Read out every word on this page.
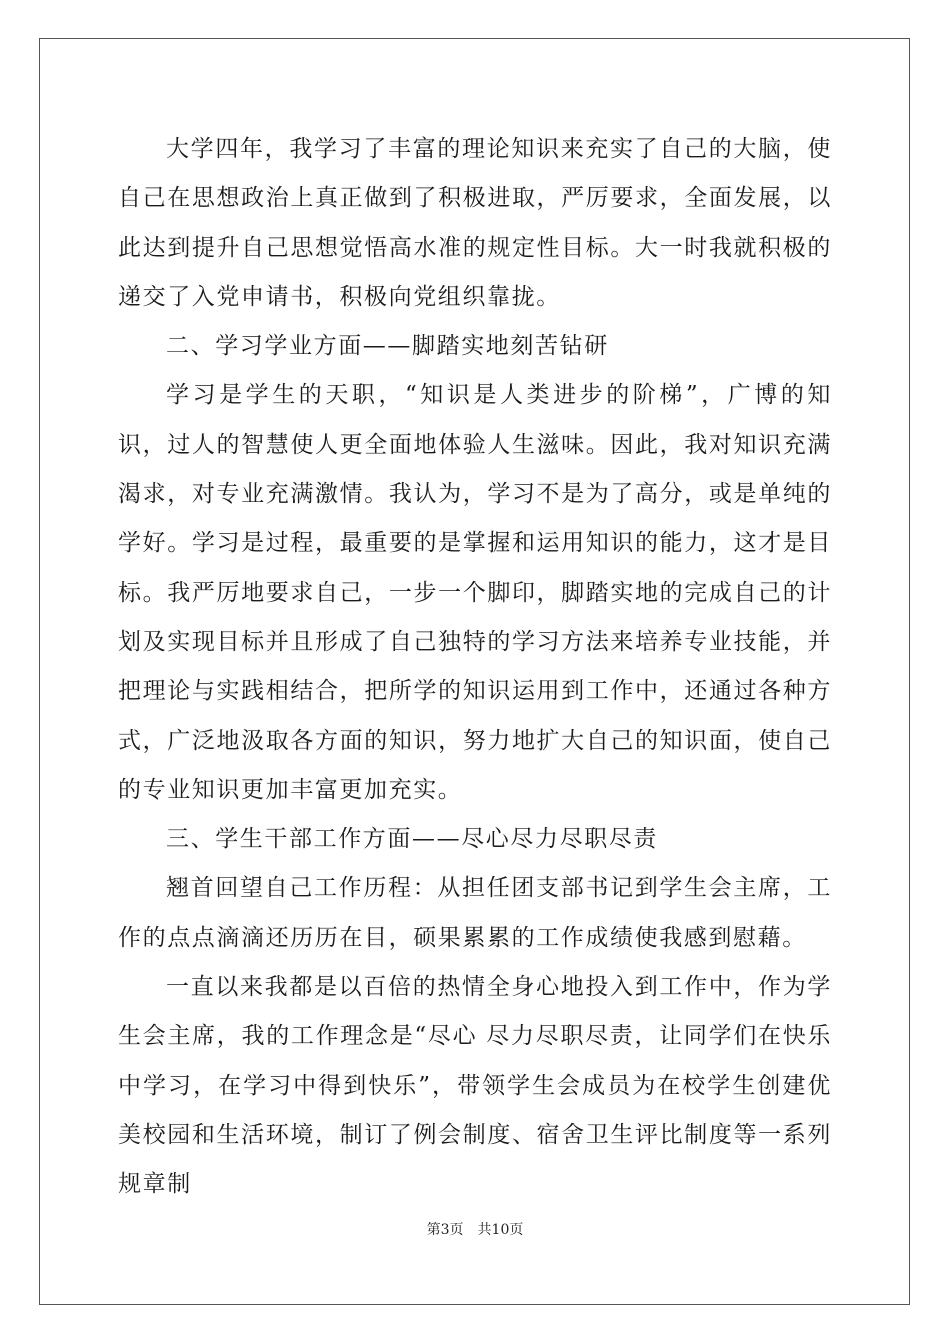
大学四年，我学习了丰富的理论知识来充实了自己的大脑，使自己在思想政治上真正做到了积极进取，严厉要求，全面发展，以此达到提升自己思想觉悟高水准的规定性目标。大一时我就积极的递交了入党申请书，积极向党组织靠拢。

二、学习学业方面——脚踏实地刻苦钻研

学习是学生的天职，“知识是人类进步的阶梯”，广博的知识，过人的智慧使人更全面地体验人生滋味。因此，我对知识充满渴求，对专业充满激情。我认为，学习不是为了高分，或是单纯的学好。学习是过程，最重要的是掌握和运用知识的能力，这才是目标。我严厉地要求自己，一步一个脚印，脚踏实地的完成自己的计划及实现目标并且形成了自己独特的学习方法来培养专业技能，并把理论与实践相结合，把所学的知识运用到工作中，还通过各种方式，广泛地汲取各方面的知识，努力地扩大自己的知识面，使自己的专业知识更加丰富更加充实。

三、学生干部工作方面——尽心尽力尽职尽责

翘首回望自己工作历程：从担任团支部书记到学生会主席，工作的点点滴滴还历历在目，硕果累累的工作成绩使我感到慰藉。

一直以来我都是以百倍的热情全身心地投入到工作中，作为学生会主席，我的工作理念是“尽心 尽力尽职尽责，让同学们在快乐中学习，在学习中得到快乐”，带领学生会成员为在校学生创建优美校园和生活环境，制订了例会制度、宿舍卫生评比制度等一系列规章制

第3页 共10页
